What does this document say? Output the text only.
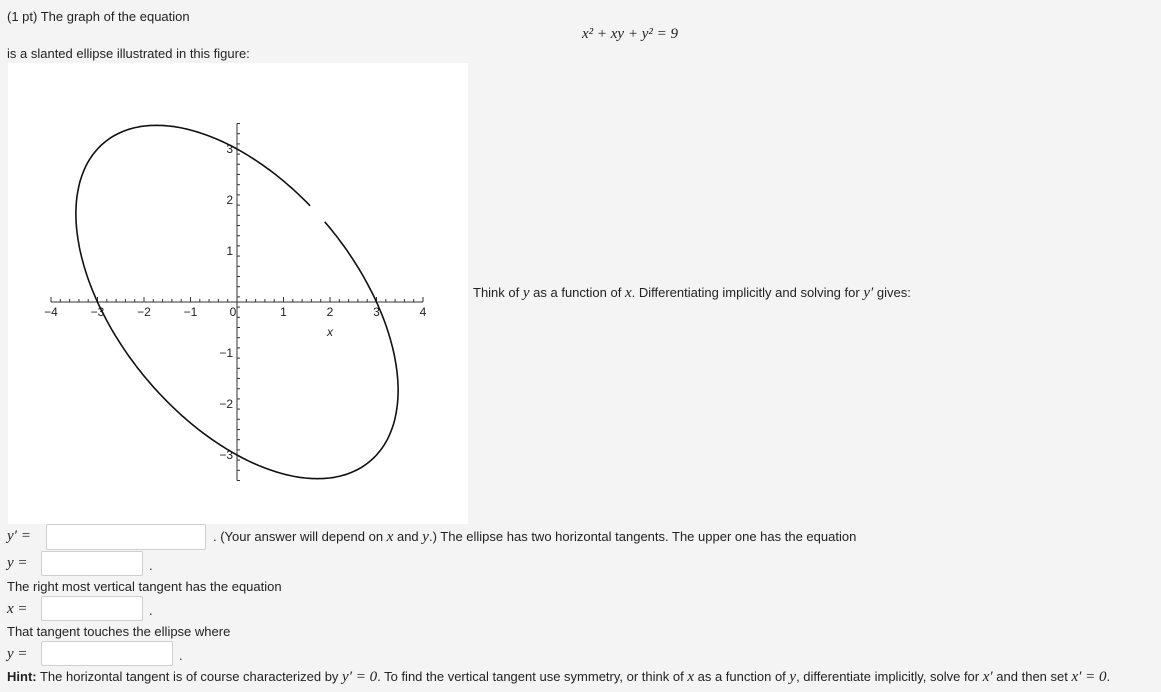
(1 pt) The graph of the equation
x² + xy + y² = 9
is a slanted ellipse illustrated in this figure:
−4	−3	−2	−1	0	1	2	3	4
−3
−2
−1
1
2
3
x
Think of y as a function of x. Differentiating implicitly and solving for y′ gives:
y′ =	. (Your answer will depend on x and y.) The ellipse has two horizontal tangents. The upper one has the equation
y =	.
The right most vertical tangent has the equation
x =	.
That tangent touches the ellipse where
y =	.
Hint: The horizontal tangent is of course characterized by y′ = 0. To find the vertical tangent use symmetry, or think of x as a function of y, differentiate implicitly, solve for x′ and then set x′ = 0.
